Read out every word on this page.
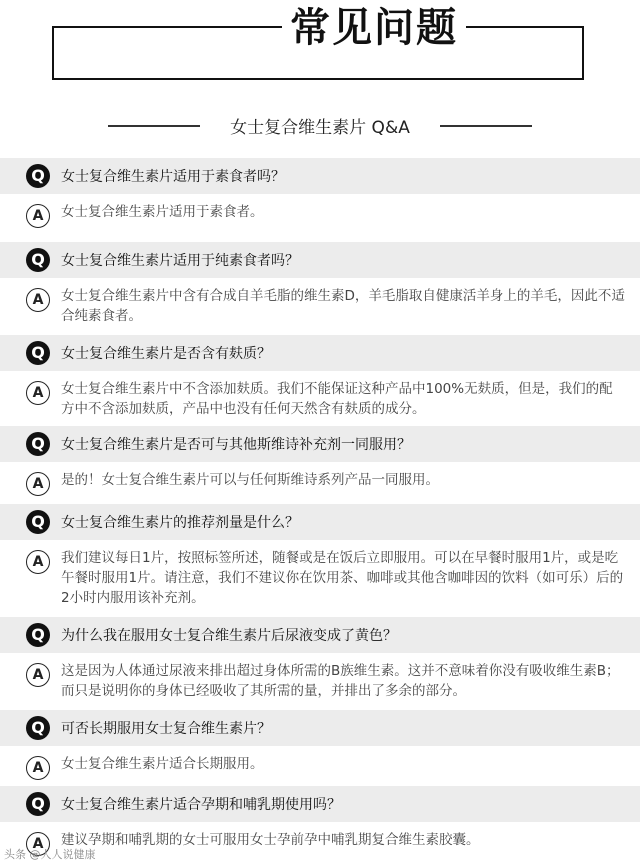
常见问题
女士复合维生素片 Q&A
Q	女士复合维生素片适用于素食者吗？
A	女士复合维生素片适用于素食者。
Q	女士复合维生素片适用于纯素食者吗？
A	女士复合维生素片中含有合成自羊毛脂的维生素D，羊毛脂取自健康活羊身上的羊毛，因此不适合纯素食者。
Q	女士复合维生素片是否含有麸质？
A	女士复合维生素片中不含添加麸质。我们不能保证这种产品中100%无麸质，但是，我们的配方中不含添加麸质，产品中也没有任何天然含有麸质的成分。
Q	女士复合维生素片是否可与其他斯维诗补充剂一同服用？
A	是的！女士复合维生素片可以与任何斯维诗系列产品一同服用。
Q	女士复合维生素片的推荐剂量是什么？
A	我们建议每日1片，按照标签所述，随餐或是在饭后立即服用。可以在早餐时服用1片，或是吃午餐时服用1片。请注意，我们不建议你在饮用茶、咖啡或其他含咖啡因的饮料（如可乐）后的2小时内服用该补充剂。
Q	为什么我在服用女士复合维生素片后尿液变成了黄色？
A	这是因为人体通过尿液来排出超过身体所需的B族维生素。这并不意味着你没有吸收维生素B；而只是说明你的身体已经吸收了其所需的量，并排出了多余的部分。
Q	可否长期服用女士复合维生素片？
A	女士复合维生素片适合长期服用。
Q	女士复合维生素片适合孕期和哺乳期使用吗？
A	建议孕期和哺乳期的女士可服用女士孕前孕中哺乳期复合维生素胶囊。
头条 @人人说健康
